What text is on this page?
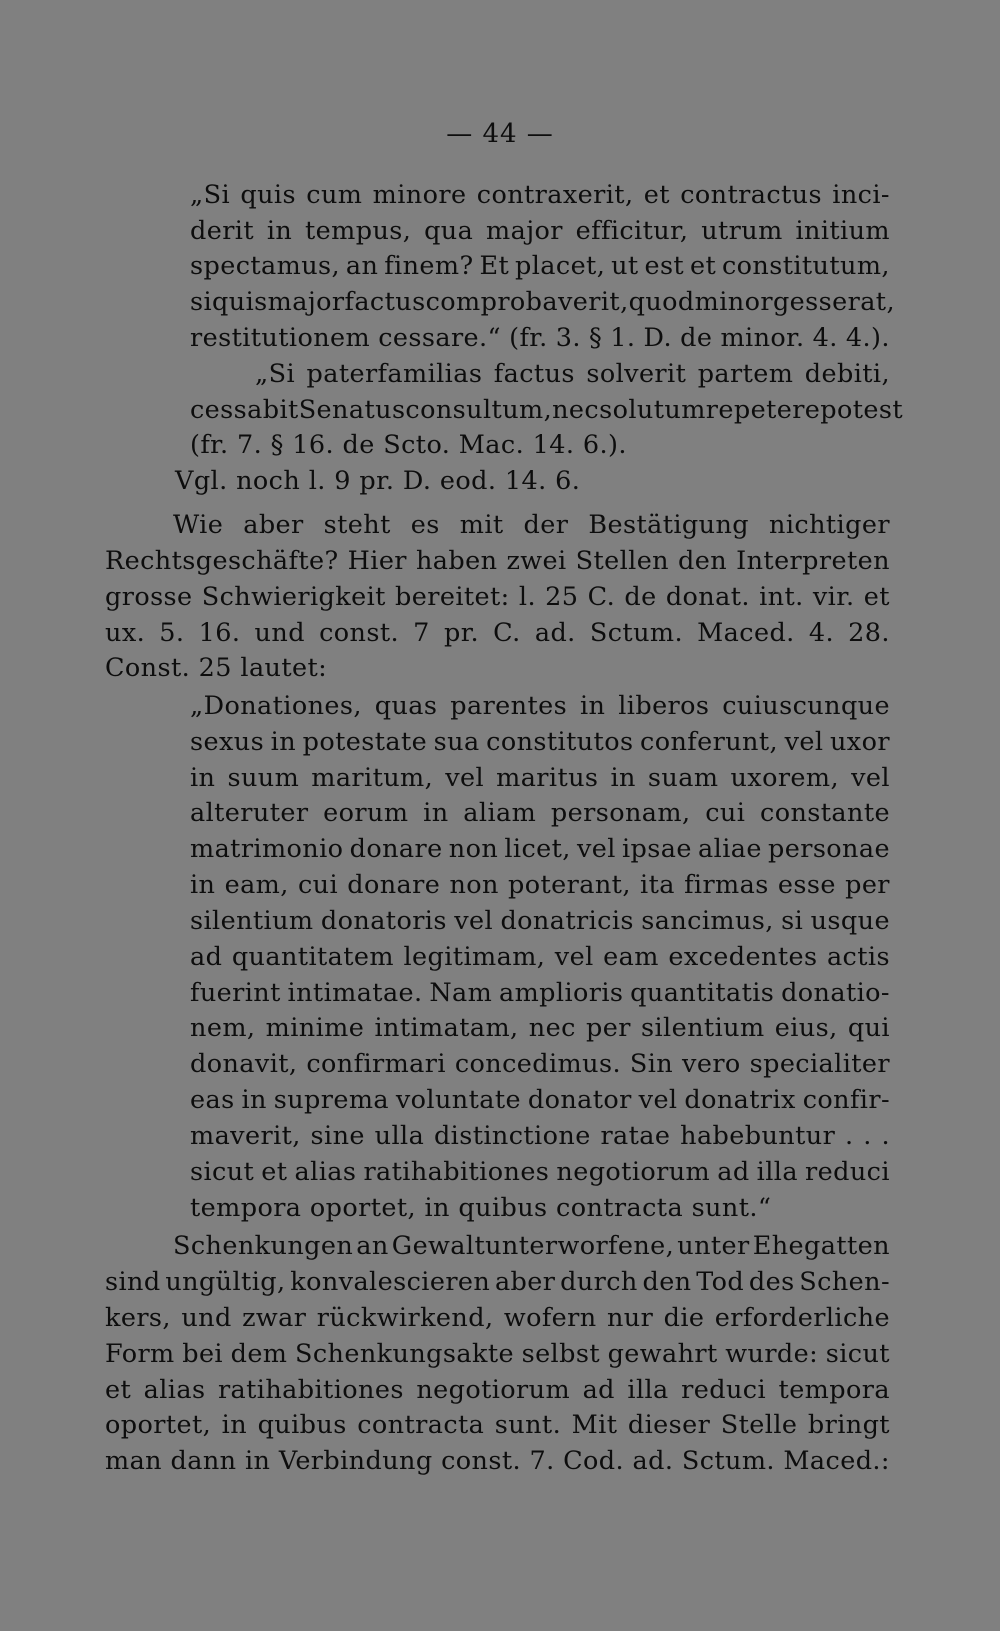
— 44 —
„Si quis cum minore contraxerit, et contractus inci-
derit in tempus, qua major efficitur, utrum initium
spectamus, an finem? Et placet, ut est et constitutum,
si quis major factus comprobaverit, quod minor gesserat,
restitutionem cessare.“ (fr. 3. § 1. D. de minor. 4. 4.).
„Si paterfamilias factus solverit partem debiti,
cessabit Senatusconsultum, nec solutum repetere potest
(fr. 7. § 16. de Scto. Mac. 14. 6.).
Vgl. noch l. 9 pr. D. eod. 14. 6.
Wie aber steht es mit der Bestätigung nichtiger
Rechtsgeschäfte? Hier haben zwei Stellen den Interpreten
grosse Schwierigkeit bereitet: l. 25 C. de donat. int. vir. et
ux. 5. 16. und const. 7 pr. C. ad. Sctum. Maced. 4. 28.
Const. 25 lautet:
„Donationes, quas parentes in liberos cuiuscunque
sexus in potestate sua constitutos conferunt, vel uxor
in suum maritum, vel maritus in suam uxorem, vel
alteruter eorum in aliam personam, cui constante
matrimonio donare non licet, vel ipsae aliae personae
in eam, cui donare non poterant, ita firmas esse per
silentium donatoris vel donatricis sancimus, si usque
ad quantitatem legitimam, vel eam excedentes actis
fuerint intimatae. Nam amplioris quantitatis donatio-
nem, minime intimatam, nec per silentium eius, qui
donavit, confirmari concedimus. Sin vero specialiter
eas in suprema voluntate donator vel donatrix confir-
maverit, sine ulla distinctione ratae habebuntur . . .
sicut et alias ratihabitiones negotiorum ad illa reduci
tempora oportet, in quibus contracta sunt.“
Schenkungen an Gewaltunterworfene, unter Ehegatten
sind ungültig, konvalescieren aber durch den Tod des Schen-
kers, und zwar rückwirkend, wofern nur die erforderliche
Form bei dem Schenkungsakte selbst gewahrt wurde: sicut
et alias ratihabitiones negotiorum ad illa reduci tempora
oportet, in quibus contracta sunt. Mit dieser Stelle bringt
man dann in Verbindung const. 7. Cod. ad. Sctum. Maced.:
